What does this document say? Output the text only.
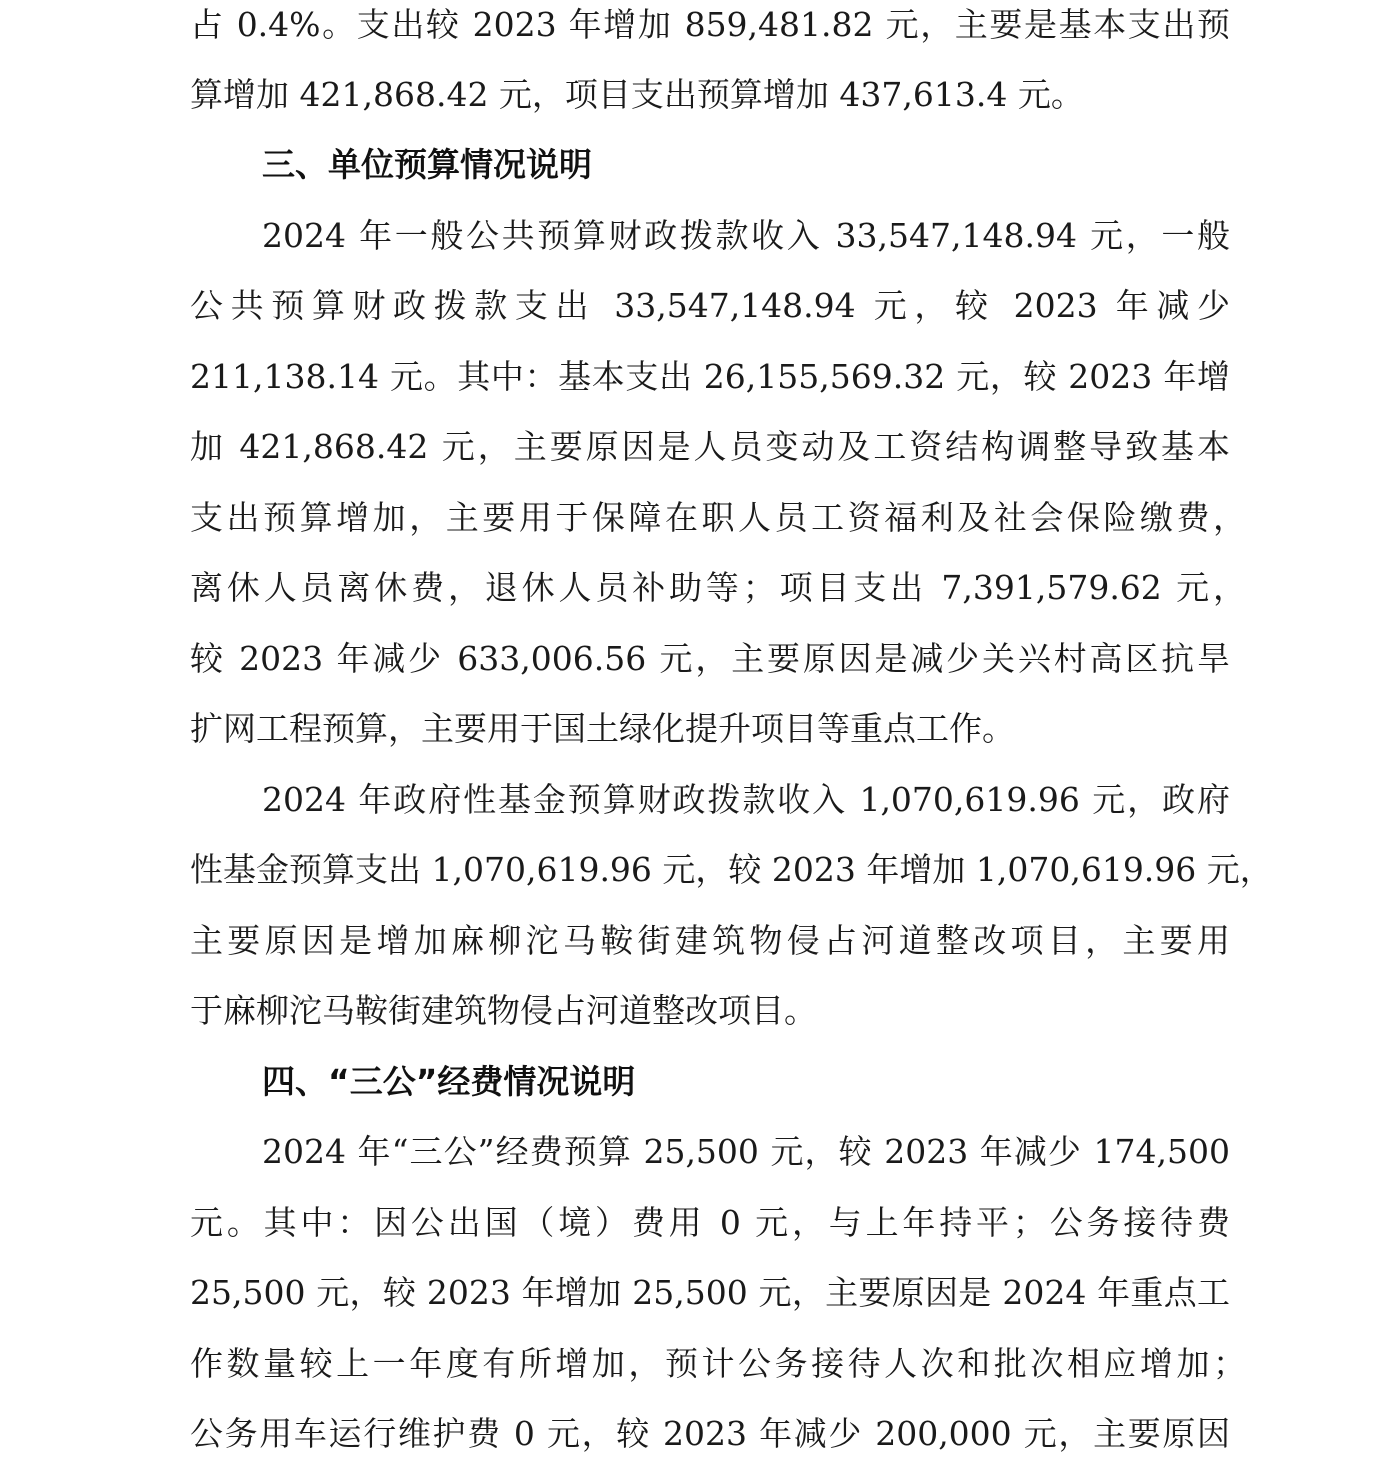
占 0.4%。支出较 2023 年增加 859,481.82 元，主要是基本支出预
算增加 421,868.42 元，项目支出预算增加 437,613.4 元。
三、单位预算情况说明
2024 年一般公共预算财政拨款收入 33,547,148.94 元，一般
公共预算财政拨款支出 33,547,148.94 元，较 2023 年减少
211,138.14 元。其中：基本支出 26,155,569.32 元，较 2023 年增
加 421,868.42 元，主要原因是人员变动及工资结构调整导致基本
支出预算增加，主要用于保障在职人员工资福利及社会保险缴费，
离休人员离休费，退休人员补助等；项目支出 7,391,579.62 元，
较 2023 年减少 633,006.56 元，主要原因是减少关兴村高区抗旱
扩网工程预算，主要用于国土绿化提升项目等重点工作。
2024 年政府性基金预算财政拨款收入 1,070,619.96 元，政府
性基金预算支出 1,070,619.96 元，较 2023 年增加 1,070,619.96 元，
主要原因是增加麻柳沱马鞍街建筑物侵占河道整改项目，主要用
于麻柳沱马鞍街建筑物侵占河道整改项目。
四、“三公”经费情况说明
2024 年“三公”经费预算 25,500 元，较 2023 年减少 174,500
元。其中：因公出国（境）费用 0 元，与上年持平；公务接待费
25,500 元，较 2023 年增加 25,500 元，主要原因是 2024 年重点工
作数量较上一年度有所增加，预计公务接待人次和批次相应增加；
公务用车运行维护费 0 元，较 2023 年减少 200,000 元，主要原因
